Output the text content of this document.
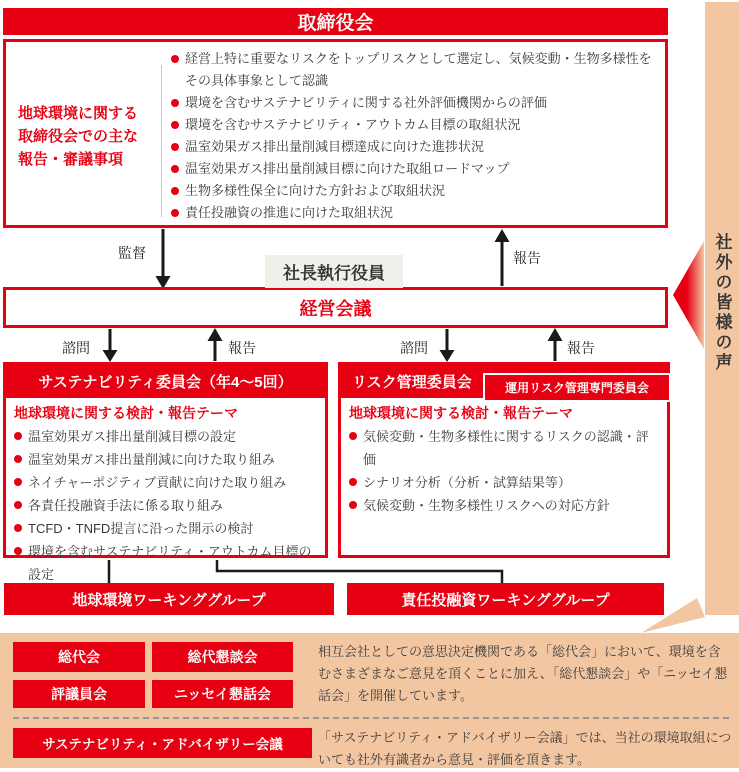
取締役会
地球環境に関する
取締役会での主な
報告・審議事項
経営上特に重要なリスクをトップリスクとして選定し、気候変動・生物多様性をその具体事象として認識
環境を含むサステナビリティに関する社外評価機関からの評価
環境を含むサステナビリティ・アウトカム目標の取組状況
温室効果ガス排出量削減目標達成に向けた進捗状況
温室効果ガス排出量削減目標に向けた取組ロードマップ
生物多様性保全に向けた方針および取組状況
責任投融資の推進に向けた取組状況
監督	報告
社長執行役員
経営会議
諮問	報告	諮問	報告
サステナビリティ委員会（年4～5回）
地球環境に関する検討・報告テーマ
温室効果ガス排出量削減目標の設定
温室効果ガス排出量削減に向けた取り組み
ネイチャーポジティブ貢献に向けた取り組み
各責任投融資手法に係る取り組み
TCFD・TNFD提言に沿った開示の検討
環境を含むサステナビリティ・アウトカム目標の設定
リスク管理委員会	運用リスク管理専門委員会
地球環境に関する検討・報告テーマ
気候変動・生物多様性に関するリスクの認識・評価
シナリオ分析（分析・試算結果等）
気候変動・生物多様性リスクへの対応方針
地球環境ワーキンググループ	責任投融資ワーキンググループ
社外の皆様の声
総代会	総代懇談会
評議員会	ニッセイ懇話会
相互会社としての意思決定機関である「総代会」において、環境を含むさまざまなご意見を頂くことに加え、「総代懇談会」や「ニッセイ懇話会」を開催しています。
サステナビリティ・アドバイザリー会議	「サステナビリティ・アドバイザリー会議」では、当社の環境取組についても社外有識者から意見・評価を頂きます。
